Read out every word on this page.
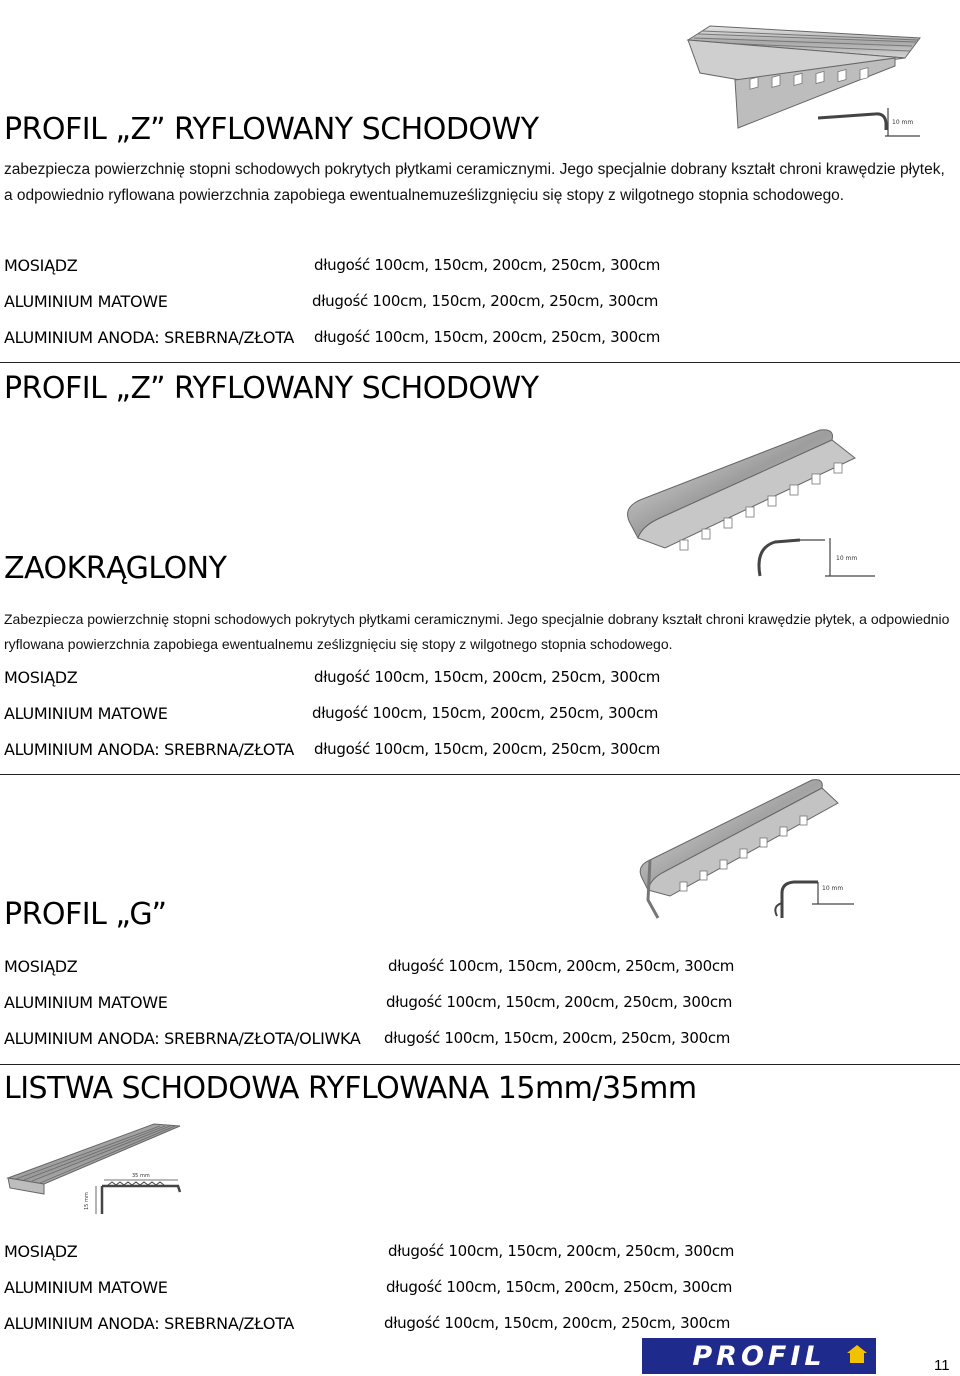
10 mm
PROFIL „Z” RYFLOWANY SCHODOWY

zabezpiecza powierzchnię stopni schodowych pokrytych płytkami ceramicznymi. Jego specjalnie dobrany kształt chroni krawędzie płytek, a odpowiednio ryflowana powierzchnia zapobiega ewentualnemuześlizgnięciu się stopy z wilgotnego stopnia schodowego.

MOSIĄDZ	długość 100cm, 150cm, 200cm, 250cm, 300cm
ALUMINIUM MATOWE	długość 100cm, 150cm, 200cm, 250cm, 300cm
ALUMINIUM ANODA: SREBRNA/ZŁOTA długość 100cm, 150cm, 200cm, 250cm, 300cm
PROFIL „Z” RYFLOWANY SCHODOWY
10 mm
ZAOKRĄGLONY

Zabezpiecza powierzchnię stopni schodowych pokrytych płytkami ceramicznymi. Jego specjalnie dobrany kształt chroni krawędzie płytek, a odpowiednio ryflowana powierzchnia zapobiega ewentualnemu ześlizgnięciu się stopy z wilgotnego stopnia schodowego.

MOSIĄDZ	długość 100cm, 150cm, 200cm, 250cm, 300cm
ALUMINIUM MATOWE	długość 100cm, 150cm, 200cm, 250cm, 300cm
ALUMINIUM ANODA: SREBRNA/ZŁOTA długość 100cm, 150cm, 200cm, 250cm, 300cm
10 mm
PROFIL „G”
MOSIĄDZ	długość 100cm, 150cm, 200cm, 250cm, 300cm
ALUMINIUM MATOWE	długość 100cm, 150cm, 200cm, 250cm, 300cm
ALUMINIUM ANODA: SREBRNA/ZŁOTA/OLIWKA długość 100cm, 150cm, 200cm, 250cm, 300cm
LISTWA SCHODOWA RYFLOWANA 15mm/35mm
35 mm
15 mm
MOSIĄDZ	długość 100cm, 150cm, 200cm, 250cm, 300cm
ALUMINIUM MATOWE	długość 100cm, 150cm, 200cm, 250cm, 300cm
ALUMINIUM ANODA: SREBRNA/ZŁOTA	długość 100cm, 150cm, 200cm, 250cm, 300cm
PROFIL	11
